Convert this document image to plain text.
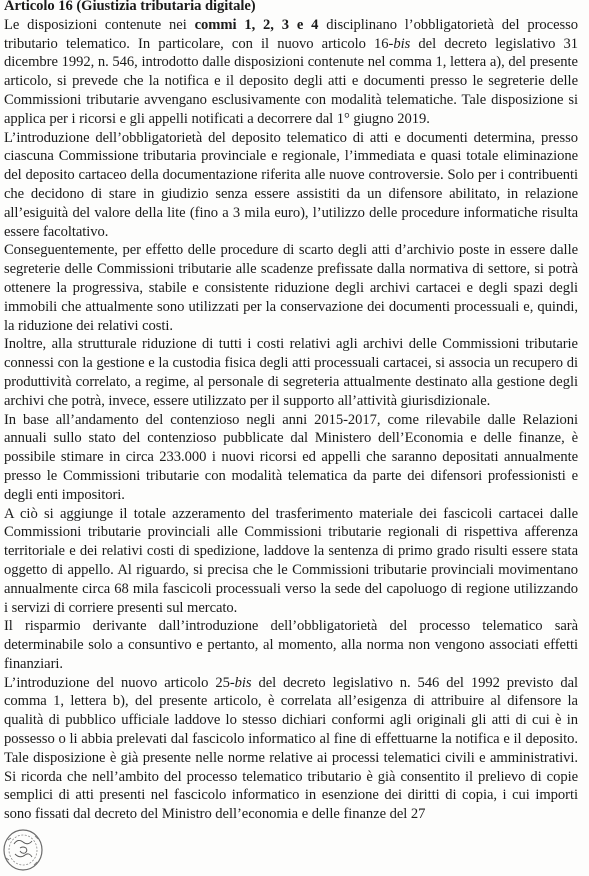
Articolo 16 (Giustizia tributaria digitale)

Le disposizioni contenute nei commi 1, 2, 3 e 4 disciplinano l’obbligatorietà del processo tributario telematico. In particolare, con il nuovo articolo 16-bis del decreto legislativo 31 dicembre 1992, n. 546, introdotto dalle disposizioni contenute nel comma 1, lettera a), del presente articolo, si prevede che la notifica e il deposito degli atti e documenti presso le segreterie delle Commissioni tributarie avvengano esclusivamente con modalità telematiche. Tale disposizione si applica per i ricorsi e gli appelli notificati a decorrere dal 1° giugno 2019.

L’introduzione dell’obbligatorietà del deposito telematico di atti e documenti determina, presso ciascuna Commissione tributaria provinciale e regionale, l’immediata e quasi totale eliminazione del deposito cartaceo della documentazione riferita alle nuove controversie. Solo per i contribuenti che decidono di stare in giudizio senza essere assistiti da un difensore abilitato, in relazione all’esiguità del valore della lite (fino a 3 mila euro), l’utilizzo delle procedure informatiche risulta essere facoltativo.

Conseguentemente, per effetto delle procedure di scarto degli atti d’archivio poste in essere dalle segreterie delle Commissioni tributarie alle scadenze prefissate dalla normativa di settore, si potrà ottenere la progressiva, stabile e consistente riduzione degli archivi cartacei e degli spazi degli immobili che attualmente sono utilizzati per la conservazione dei documenti processuali e, quindi, la riduzione dei relativi costi.

Inoltre, alla strutturale riduzione di tutti i costi relativi agli archivi delle Commissioni tributarie connessi con la gestione e la custodia fisica degli atti processuali cartacei, si associa un recupero di produttività correlato, a regime, al personale di segreteria attualmente destinato alla gestione degli archivi che potrà, invece, essere utilizzato per il supporto all’attività giurisdizionale.

In base all’andamento del contenzioso negli anni 2015-2017, come rilevabile dalle Relazioni annuali sullo stato del contenzioso pubblicate dal Ministero dell’Economia e delle finanze, è possibile stimare in circa 233.000 i nuovi ricorsi ed appelli che saranno depositati annualmente presso le Commissioni tributarie con modalità telematica da parte dei difensori professionisti e degli enti impositori.

A ciò si aggiunge il totale azzeramento del trasferimento materiale dei fascicoli cartacei dalle Commissioni tributarie provinciali alle Commissioni tributarie regionali di rispettiva afferenza territoriale e dei relativi costi di spedizione, laddove la sentenza di primo grado risulti essere stata oggetto di appello. Al riguardo, si precisa che le Commissioni tributarie provinciali movimentano annualmente circa 68 mila fascicoli processuali verso la sede del capoluogo di regione utilizzando i servizi di corriere presenti sul mercato.

Il risparmio derivante dall’introduzione dell’obbligatorietà del processo telematico sarà determinabile solo a consuntivo e pertanto, al momento, alla norma non vengono associati effetti finanziari.

L’introduzione del nuovo articolo 25-bis del decreto legislativo n. 546 del 1992 previsto dal comma 1, lettera b), del presente articolo, è correlata all’esigenza di attribuire al difensore la qualità di pubblico ufficiale laddove lo stesso dichiari conformi agli originali gli atti di cui è in possesso o li abbia prelevati dal fascicolo informatico al fine di effettuarne la notifica e il deposito. Tale disposizione è già presente nelle norme relative ai processi telematici civili e amministrativi. Si ricorda che nell’ambito del processo telematico tributario è già consentito il prelievo di copie semplici di atti presenti nel fascicolo informatico in esenzione dei diritti di copia, i cui importi sono fissati dal decreto del Ministro dell’economia e delle finanze del 27
